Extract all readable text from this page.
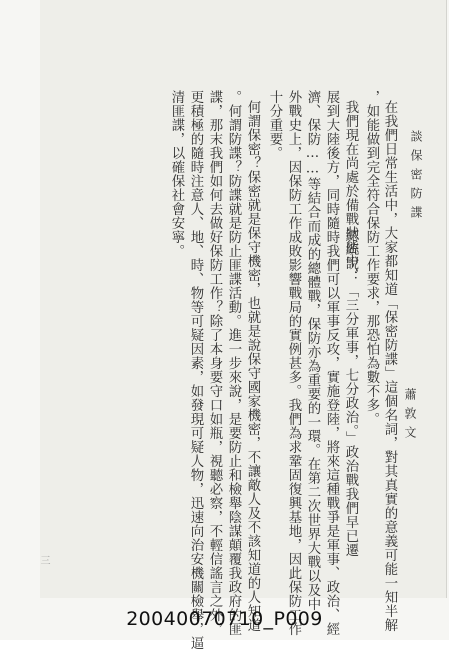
談保密防諜
在我們日常生活中，大家都知道「保密防諜」這個名詞，對其真實的意義可能一知半解
，如能做到完全符合保防工作要求，那恐怕為數不多。
我們現在尚處於備戰狀態中，
總統說：「三分軍事，七分政治。」政治戰我們早已遷
展到大陸後方，同時隨時我們可以軍事反攻，實施登陸，將來這種戰爭是軍事、政治、經
濟、保防……等結合而成的總體戰，保防亦為重要的一環。在第二次世界大戰以及中
外戰史上，因保防工作成敗影響戰局的實例甚多。我們為求鞏固復興基地，因此保防工作
十分重要。
何謂保密？保密就是保守機密，也就是說保守國家機密，不讓敵人及不該知道的人知道
。何謂防諜？防諜就是防止匪諜活動。進一步來說，是要防止和檢舉陰謀顛覆我政府的匪
諜，那末我們如何去做好保防工作？除了本身要守口如瓶，視聽必察，不輕信謠言之外，
更積極的隨時注意人、地、時、物等可疑因素，如發現可疑人物，迅速向治安機關檢舉，逼
清匪諜，以確保社會安寧。
蕭敦文
三
20040070710_P009
